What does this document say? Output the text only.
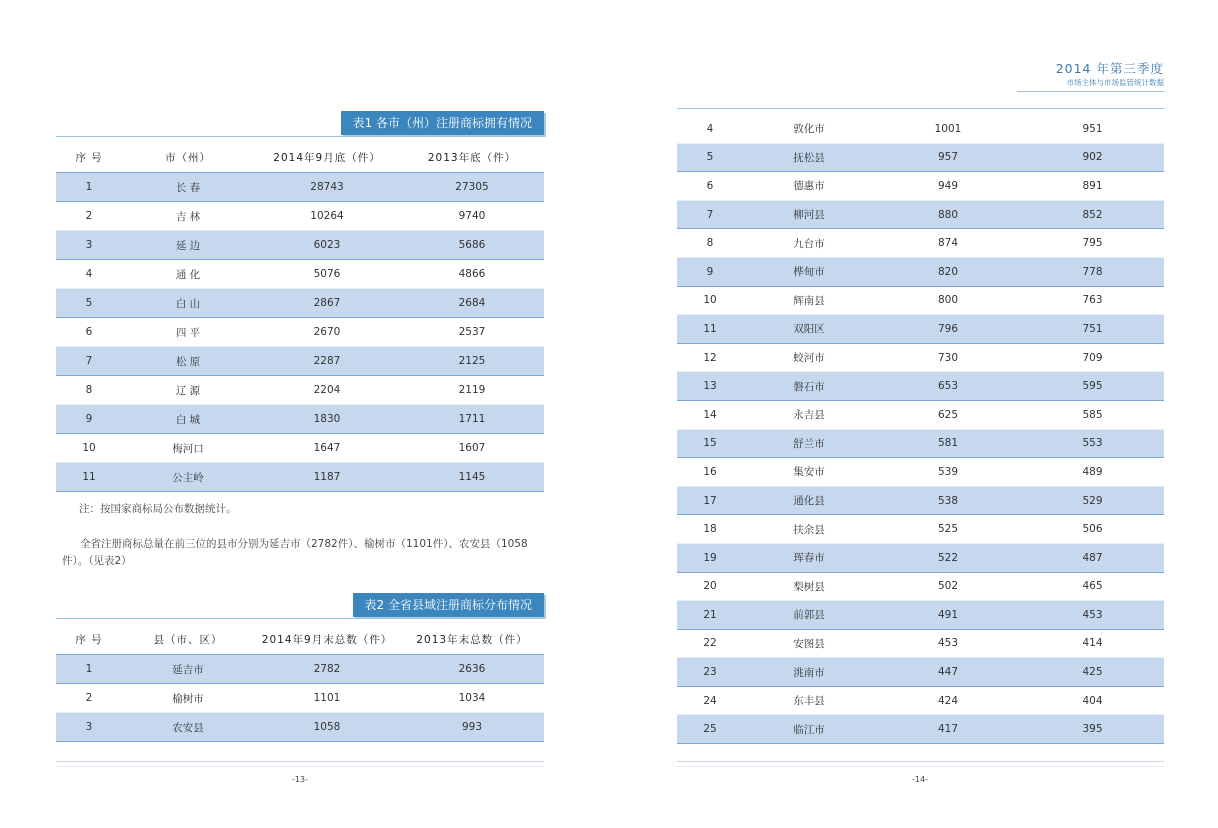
表1 各市（州）注册商标拥有情况
序 号	市（州）	2014年9月底（件）	2013年底（件）
1	长 春	28743	27305
2	吉 林	10264	9740
3	延 边	6023	5686
4	通 化	5076	4866
5	白 山	2867	2684
6	四 平	2670	2537
7	松 原	2287	2125
8	辽 源	2204	2119
9	白 城	1830	1711
10	梅河口	1647	1607
11	公主岭	1187	1145
注：按国家商标局公布数据统计。
全省注册商标总量在前三位的县市分别为延吉市（2782件）、榆树市（1101件）、农安县（1058件）。（见表2）
表2 全省县域注册商标分布情况
序 号	县（市、区）	2014年9月末总数（件）	2013年末总数（件）
1	延吉市	2782	2636
2	榆树市	1101	1034
3	农安县	1058	993
-13-
2014 年第三季度
市场主体与市场监管统计数据
4	敦化市	1001	951
5	抚松县	957	902
6	德惠市	949	891
7	柳河县	880	852
8	九台市	874	795
9	桦甸市	820	778
10	辉南县	800	763
11	双阳区	796	751
12	蛟河市	730	709
13	磐石市	653	595
14	永吉县	625	585
15	舒兰市	581	553
16	集安市	539	489
17	通化县	538	529
18	扶余县	525	506
19	珲春市	522	487
20	梨树县	502	465
21	前郭县	491	453
22	安图县	453	414
23	洮南市	447	425
24	东丰县	424	404
25	临江市	417	395
-14-
